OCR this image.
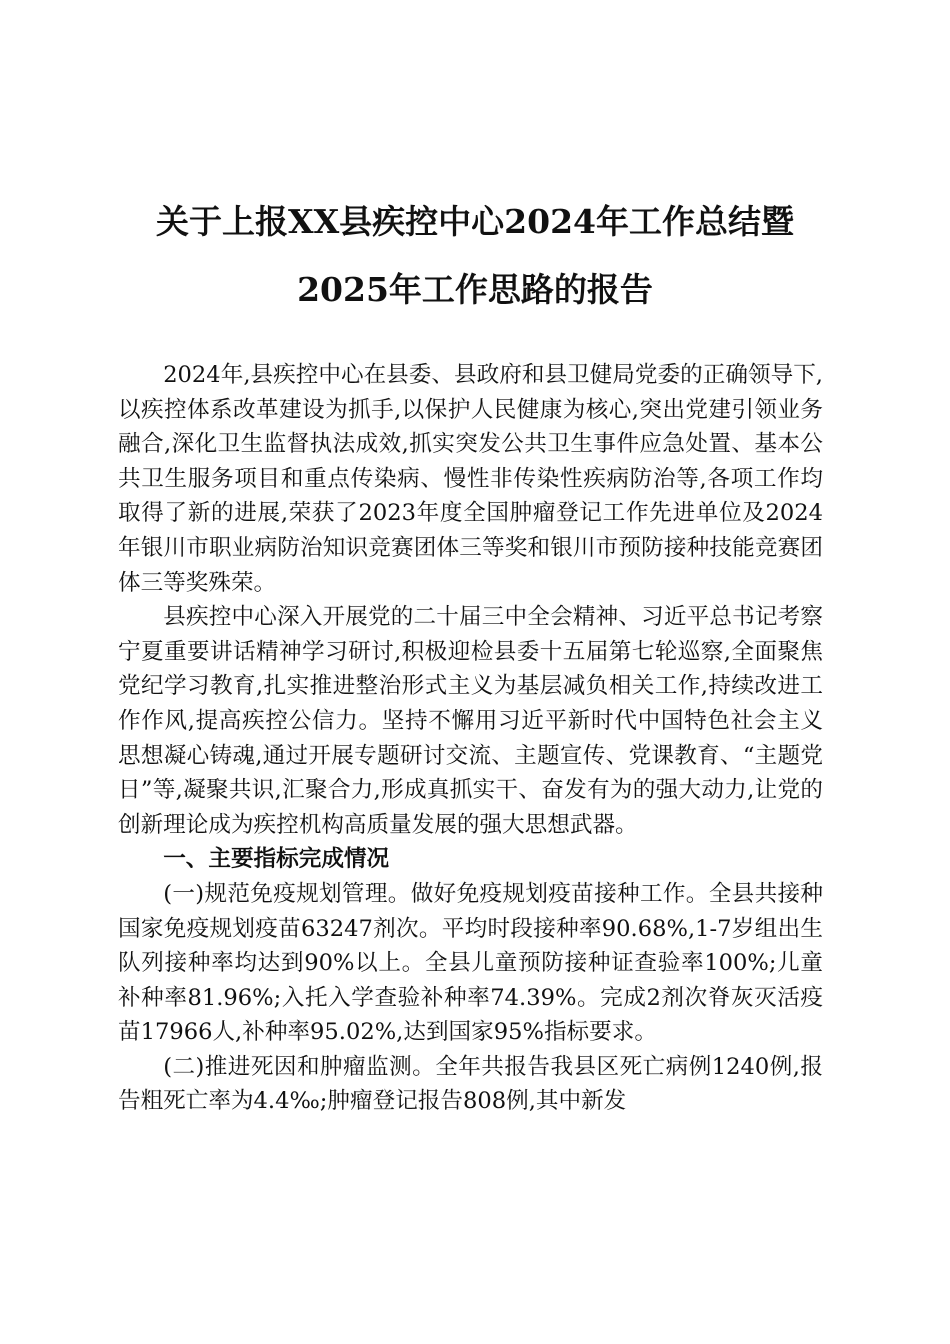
关于上报XX县疾控中心2024年工作总结暨
2025年工作思路的报告

2024年,县疾控中心在县委、县政府和县卫健局党委的正确领导下,以疾控体系改革建设为抓手,以保护人民健康为核心,突出党建引领业务融合,深化卫生监督执法成效,抓实突发公共卫生事件应急处置、基本公共卫生服务项目和重点传染病、慢性非传染性疾病防治等,各项工作均取得了新的进展,荣获了2023年度全国肿瘤登记工作先进单位及2024年银川市职业病防治知识竞赛团体三等奖和银川市预防接种技能竞赛团体三等奖殊荣。

县疾控中心深入开展党的二十届三中全会精神、习近平总书记考察宁夏重要讲话精神学习研讨,积极迎检县委十五届第七轮巡察,全面聚焦党纪学习教育,扎实推进整治形式主义为基层减负相关工作,持续改进工作作风,提高疾控公信力。坚持不懈用习近平新时代中国特色社会主义思想凝心铸魂,通过开展专题研讨交流、主题宣传、党课教育、“主题党日”等,凝聚共识,汇聚合力,形成真抓实干、奋发有为的强大动力,让党的创新理论成为疾控机构高质量发展的强大思想武器。

一、主要指标完成情况

(一)规范免疫规划管理。做好免疫规划疫苗接种工作。全县共接种国家免疫规划疫苗63247剂次。平均时段接种率90.68%,1-7岁组出生队列接种率均达到90%以上。全县儿童预防接种证查验率100%;儿童补种率81.96%;入托入学查验补种率74.39%。完成2剂次脊灰灭活疫苗17966人,补种率95.02%,达到国家95%指标要求。

(二)推进死因和肿瘤监测。全年共报告我县区死亡病例1240例,报告粗死亡率为4.4‰;肿瘤登记报告808例,其中新发
